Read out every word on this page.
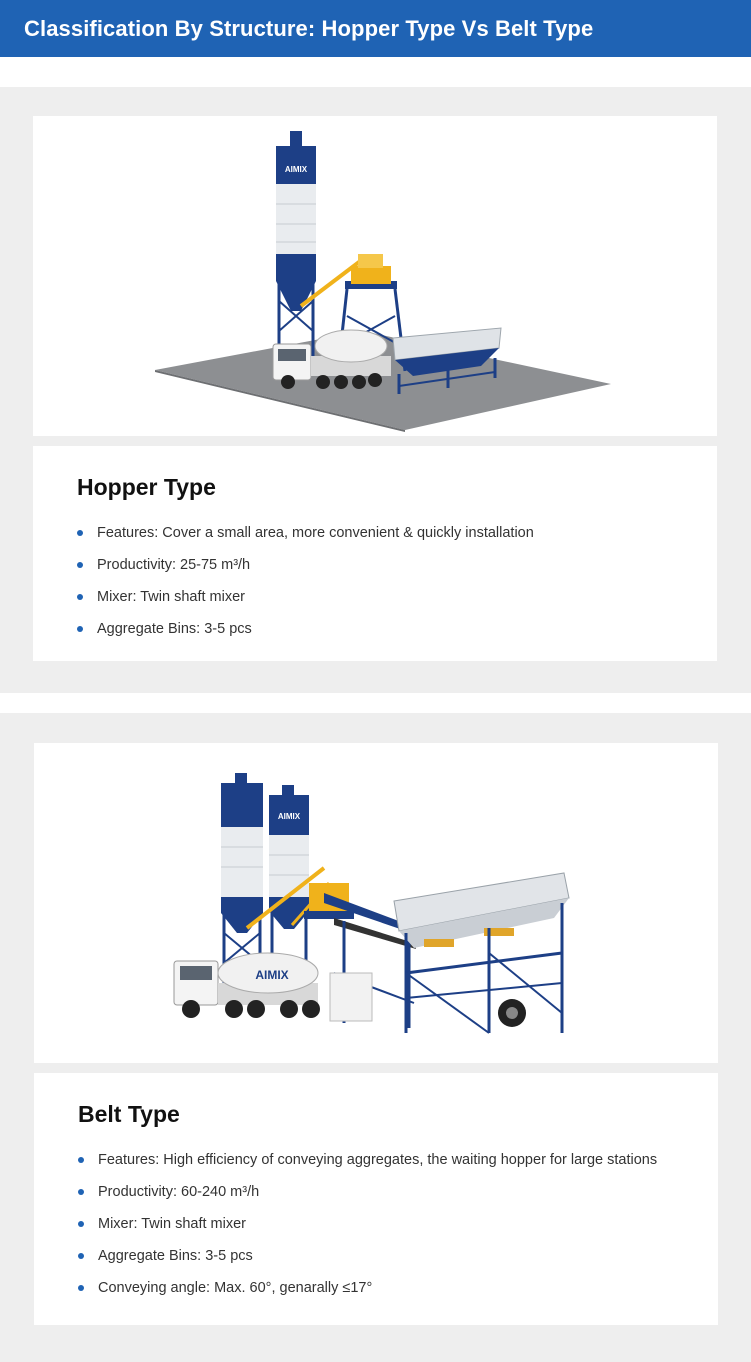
Classification By Structure: Hopper Type Vs Belt Type
AIMIX
Hopper Type
Features: Cover a small area, more convenient & quickly installation
Productivity: 25-75 m³/h
Mixer: Twin shaft mixer
Aggregate Bins: 3-5 pcs
AIMIX
AIMIX
Belt Type
Features: High efficiency of conveying aggregates, the waiting hopper for large stations
Productivity: 60-240 m³/h
Mixer: Twin shaft mixer
Aggregate Bins: 3-5 pcs
Conveying angle: Max. 60°, genarally ≤17°
